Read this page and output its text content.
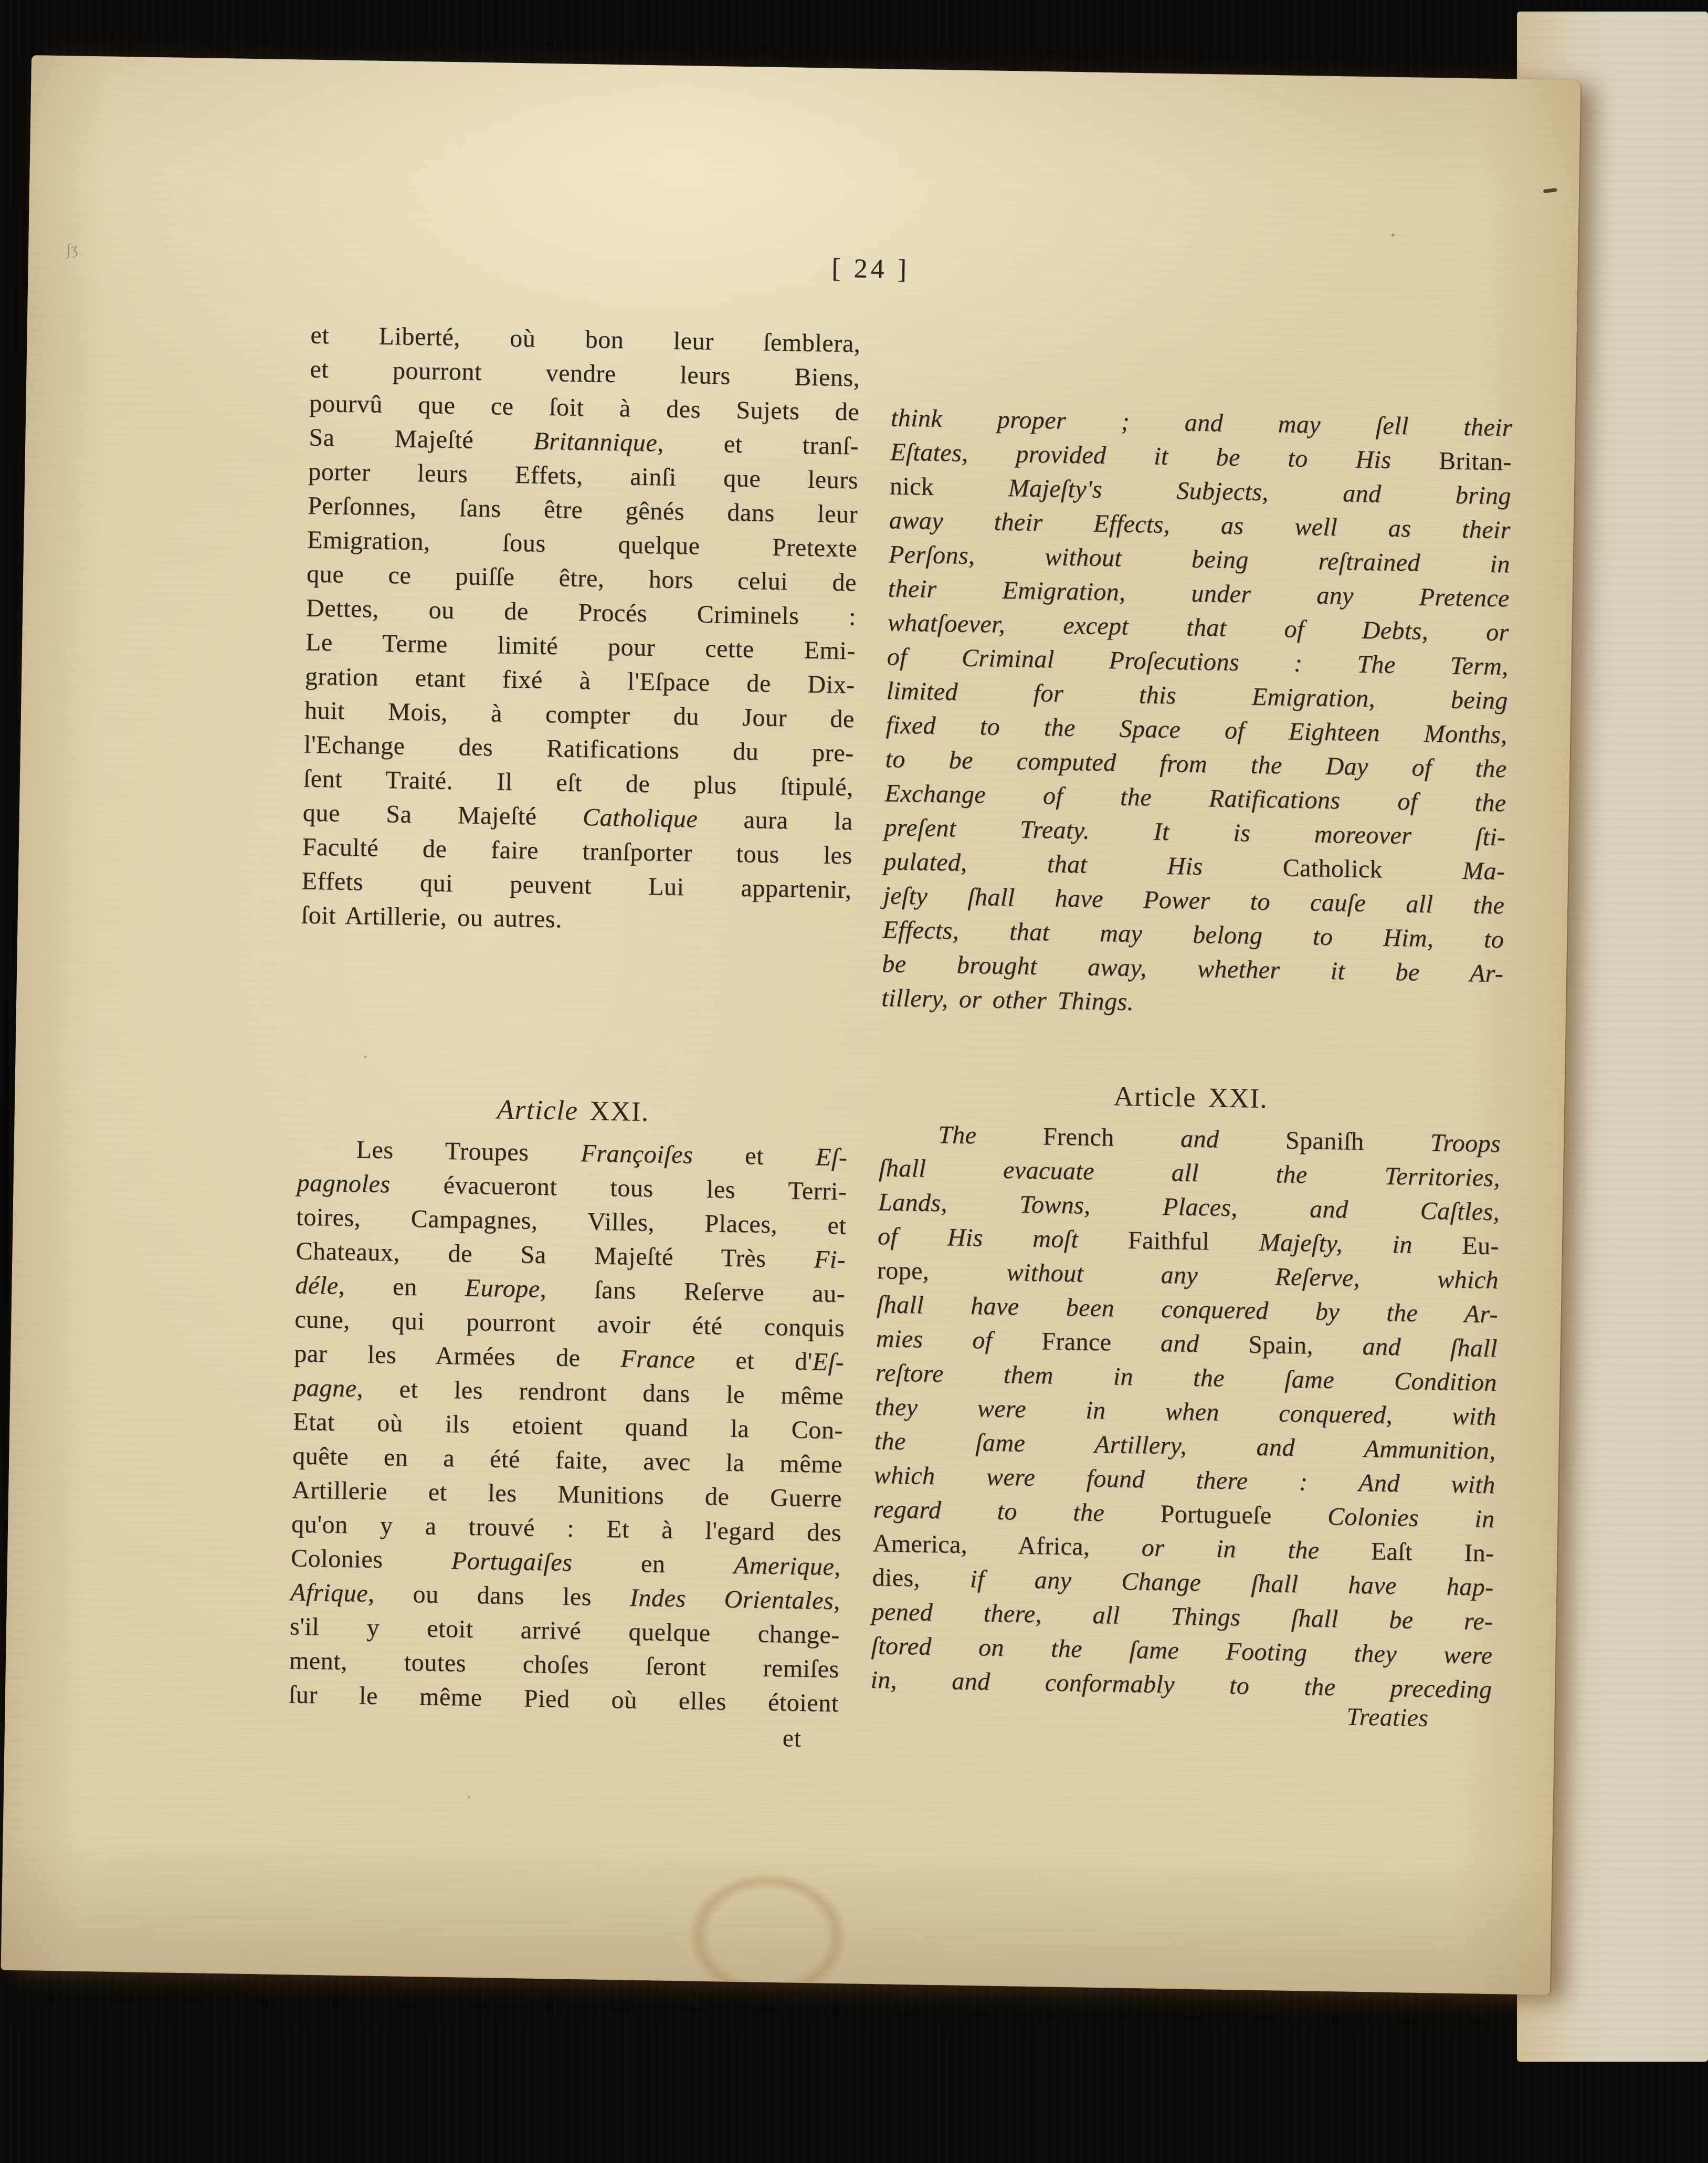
ʃʒ
[ 24 ]
et Liberté, où bon leur ſemblera,
et pourront vendre leurs Biens,
pourvû que ce ſoit à des Sujets de
Sa Majeſté Britannique, et tranſ-
porter leurs Effets, ainſi que leurs
Perſonnes, ſans être gênés dans leur
Emigration, ſous quelque Pretexte
que ce puiſſe être, hors celui de
Dettes, ou de Procés Criminels :
Le Terme limité pour cette Emi-
gration etant fixé à l'Eſpace de Dix-
huit Mois, à compter du Jour de
l'Echange des Ratifications du pre-
ſent Traité. Il eſt de plus ſtipulé,
que Sa Majeſté Catholique aura la
Faculté de faire tranſporter tous les
Effets qui peuvent Lui appartenir,
ſoit Artillerie, ou autres.
Article XXI.
Les Troupes Françoiſes et Eſ-
pagnoles évacueront tous les Terri-
toires, Campagnes, Villes, Places, et
Chateaux, de Sa Majeſté Très Fi-
déle, en Europe, ſans Reſerve au-
cune, qui pourront avoir été conquis
par les Armées de France et d'Eſ-
pagne, et les rendront dans le même
Etat où ils etoient quand la Con-
quête en a été faite, avec la même
Artillerie et les Munitions de Guerre
qu'on y a trouvé : Et à l'egard des
Colonies Portugaiſes en Amerique,
Afrique, ou dans les Indes Orientales,
s'il y etoit arrivé quelque change-
ment, toutes choſes ſeront remiſes
ſur le même Pied où elles étoient
et
think proper ; and may ſell their
Eſtates, provided it be to His Britan-
nick Majeſty's Subjects, and bring
away their Effects, as well as their
Perſons, without being reſtrained in
their Emigration, under any Pretence
whatſoever, except that of Debts, or
of Criminal Proſecutions : The Term,
limited for this Emigration, being
fixed to the Space of Eighteen Months,
to be computed from the Day of the
Exchange of the Ratifications of the
preſent Treaty. It is moreover ſti-
pulated, that His Catholick Ma-
jeſty ſhall have Power to cauſe all the
Effects, that may belong to Him, to
be brought away, whether it be Ar-
tillery, or other Things.
Article XXI.
The French and Spaniſh Troops
ſhall evacuate all the Territories,
Lands, Towns, Places, and Caſtles,
of His moſt Faithful Majeſty, in Eu-
rope, without any Reſerve, which
ſhall have been conquered by the Ar-
mies of France and Spain, and ſhall
reſtore them in the ſame Condition
they were in when conquered, with
the ſame Artillery, and Ammunition,
which were found there : And with
regard to the Portugueſe Colonies in
America, Africa, or in the Eaſt In-
dies, if any Change ſhall have hap-
pened there, all Things ſhall be re-
ſtored on the ſame Footing they were
in, and conformably to the preceding
Treaties
